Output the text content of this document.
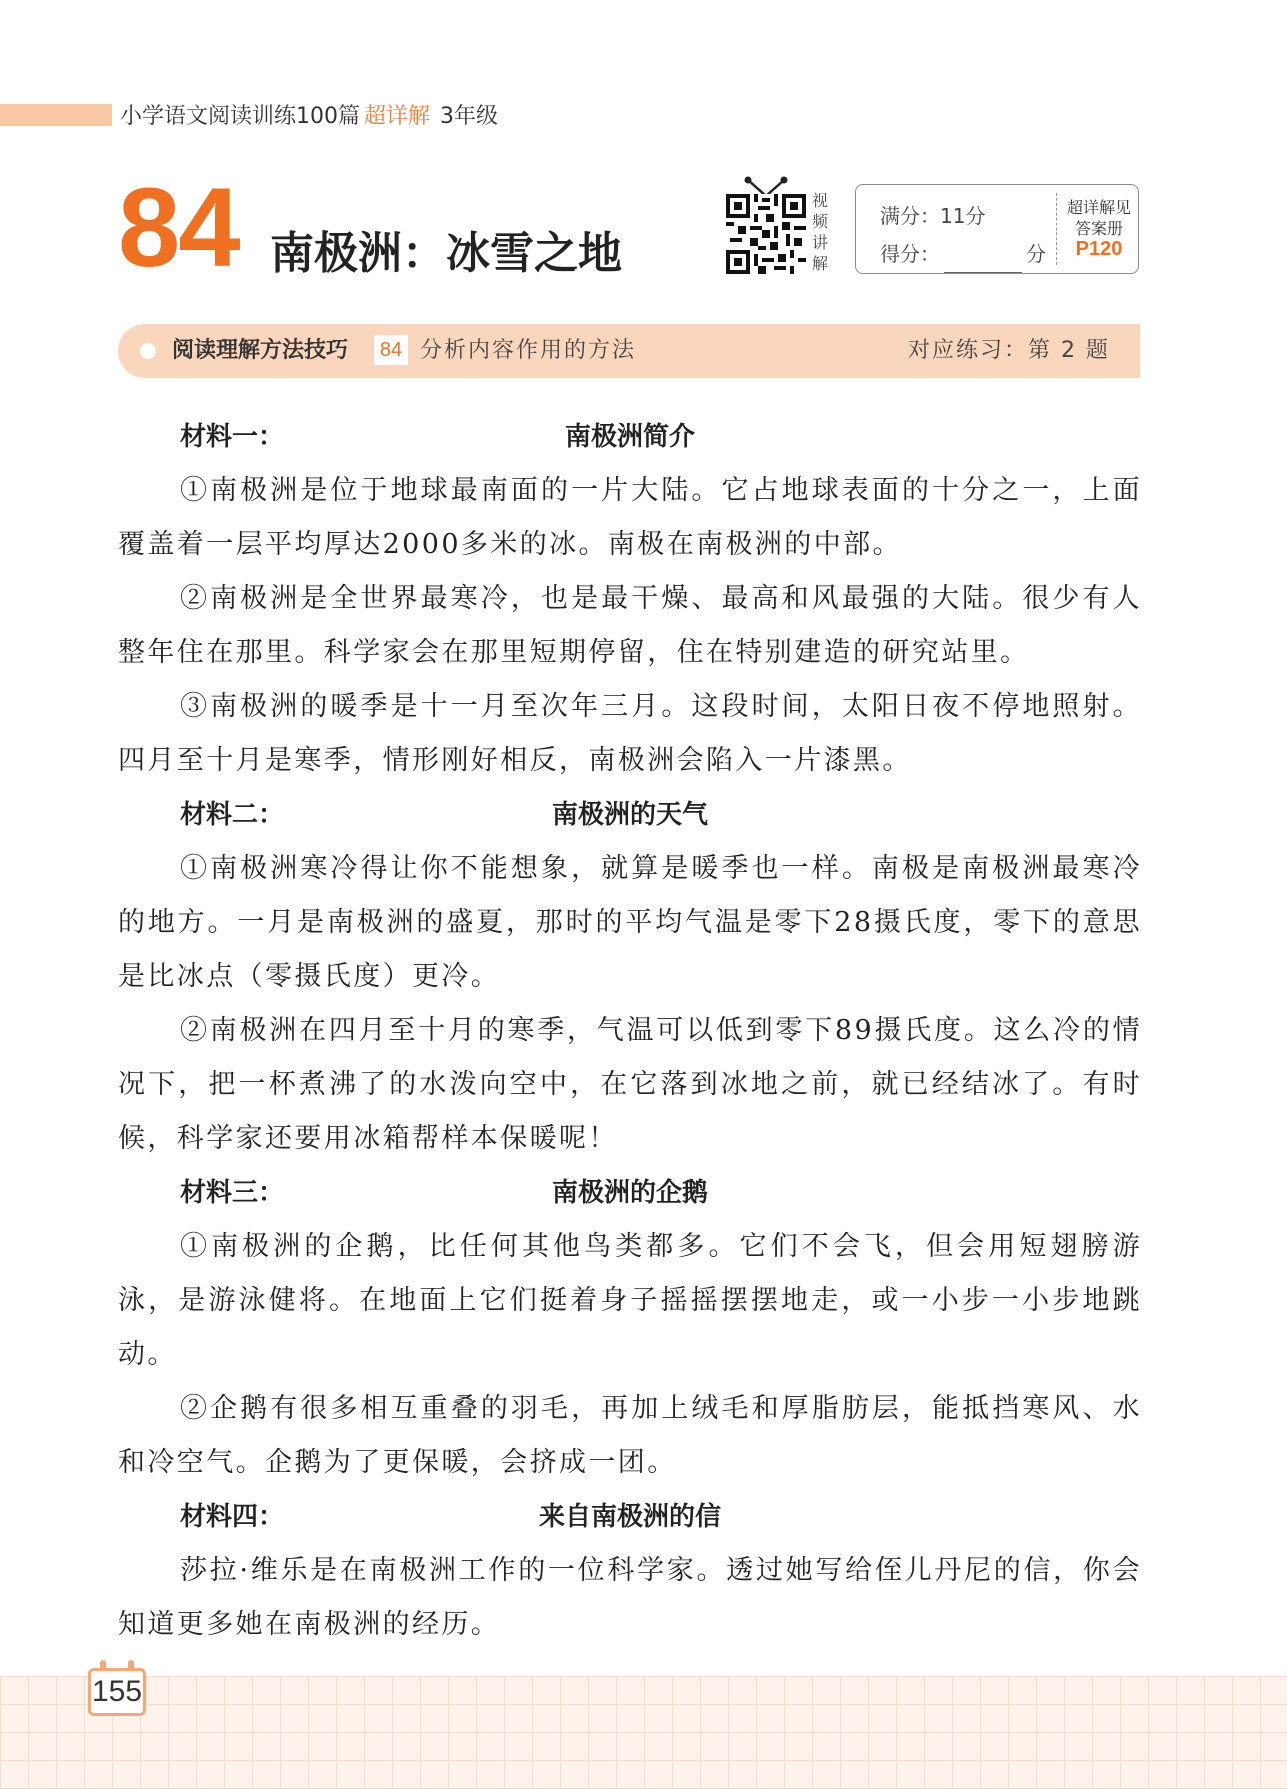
小学语文阅读训练100篇 超详解 3年级
84 南极洲：冰雪之地
视
频
讲
解
满分：11分
得分：	分
超详解见
答案册
P120
阅读理解方法技巧 84 分析内容作用的方法	对应练习：第 2 题
材料一：	南极洲简介

①南极洲是位于地球最南面的一片大陆。它占地球表面的十分之一，上面覆盖着一层平均厚达2000多米的冰。南极在南极洲的中部。

②南极洲是全世界最寒冷，也是最干燥、最高和风最强的大陆。很少有人整年住在那里。科学家会在那里短期停留，住在特别建造的研究站里。

③南极洲的暖季是十一月至次年三月。这段时间，太阳日夜不停地照射。四月至十月是寒季，情形刚好相反，南极洲会陷入一片漆黑。

材料二：	南极洲的天气

①南极洲寒冷得让你不能想象，就算是暖季也一样。南极是南极洲最寒冷的地方。一月是南极洲的盛夏，那时的平均气温是零下28摄氏度，零下的意思是比冰点（零摄氏度）更冷。

②南极洲在四月至十月的寒季，气温可以低到零下89摄氏度。这么冷的情况下，把一杯煮沸了的水泼向空中，在它落到冰地之前，就已经结冰了。有时候，科学家还要用冰箱帮样本保暖呢！

材料三：	南极洲的企鹅

①南极洲的企鹅，比任何其他鸟类都多。它们不会飞，但会用短翅膀游泳，是游泳健将。在地面上它们挺着身子摇摇摆摆地走，或一小步一小步地跳动。

②企鹅有很多相互重叠的羽毛，再加上绒毛和厚脂肪层，能抵挡寒风、水和冷空气。企鹅为了更保暖，会挤成一团。

材料四：	来自南极洲的信

莎拉·维乐是在南极洲工作的一位科学家。透过她写给侄儿丹尼的信，你会知道更多她在南极洲的经历。

155
